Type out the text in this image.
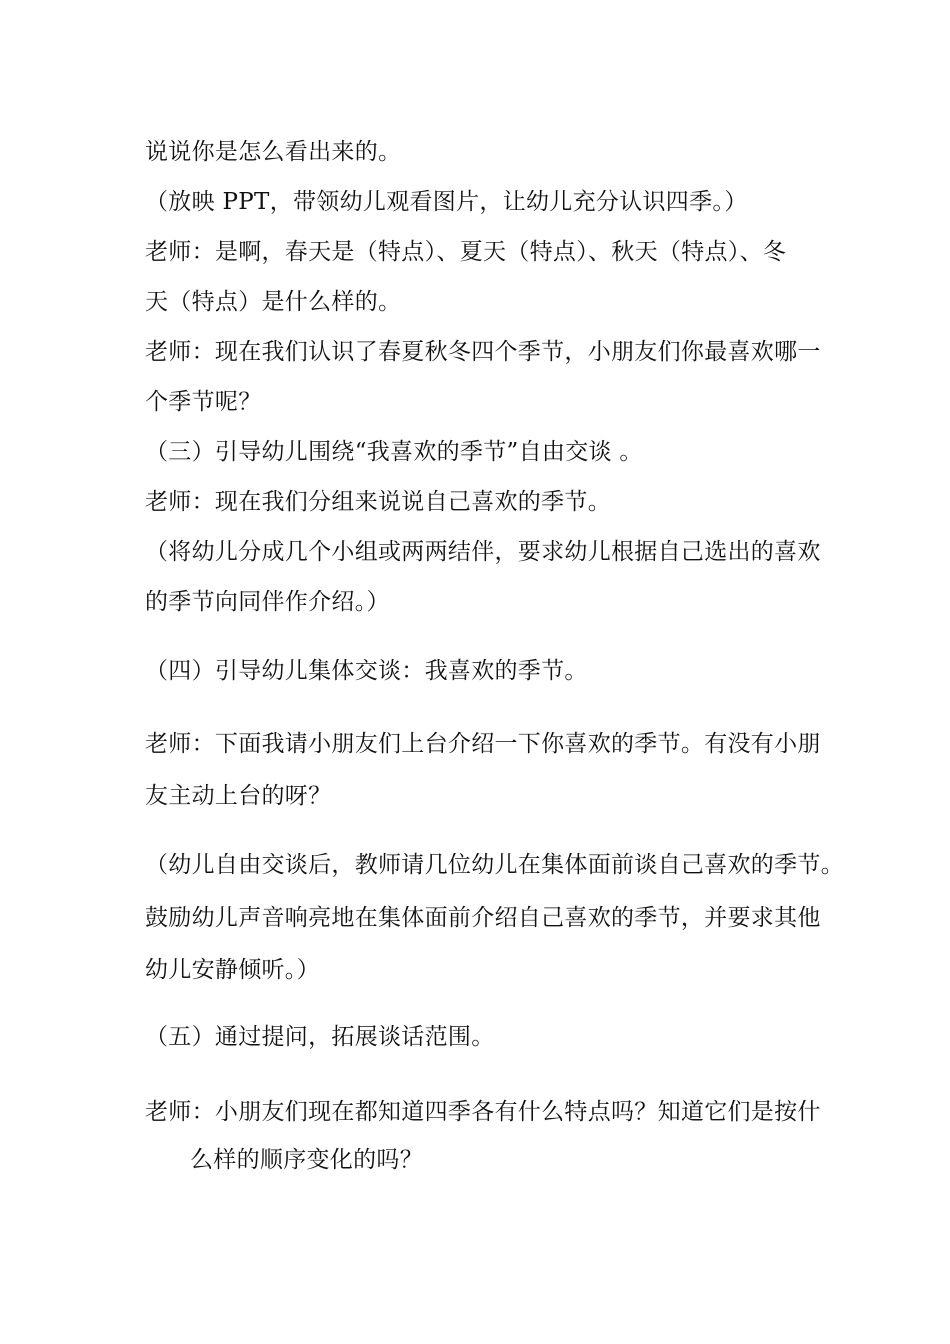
说说你是怎么看出来的。
（放映 PPT，带领幼儿观看图片，让幼儿充分认识四季。）
老师：是啊，春天是（特点）、夏天（特点）、秋天（特点）、冬
天（特点）是什么样的。
老师：现在我们认识了春夏秋冬四个季节，小朋友们你最喜欢哪一
个季节呢？
（三）引导幼儿围绕“我喜欢的季节”自由交谈 。
老师：现在我们分组来说说自己喜欢的季节。
（将幼儿分成几个小组或两两结伴，要求幼儿根据自己选出的喜欢
的季节向同伴作介绍。）
（四）引导幼儿集体交谈：我喜欢的季节。
老师：下面我请小朋友们上台介绍一下你喜欢的季节。有没有小朋
友主动上台的呀？
（幼儿自由交谈后，教师请几位幼儿在集体面前谈自己喜欢的季节。
鼓励幼儿声音响亮地在集体面前介绍自己喜欢的季节，并要求其他
幼儿安静倾听。）
（五）通过提问，拓展谈话范围。
老师：小朋友们现在都知道四季各有什么特点吗？知道它们是按什
么样的顺序变化的吗？
